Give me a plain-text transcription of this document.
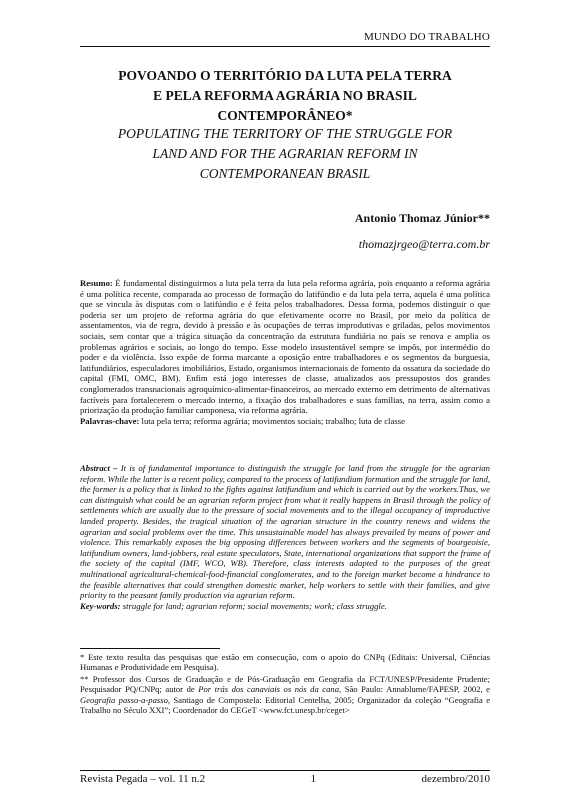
MUNDO DO TRABALHO
POVOANDO O TERRITÓRIO DA LUTA PELA TERRA
E PELA REFORMA AGRÁRIA NO BRASIL
CONTEMPORÂNEO*
POPULATING THE TERRITORY OF THE STRUGGLE FOR
LAND AND FOR THE AGRARIAN REFORM IN
CONTEMPORANEAN BRASIL
Antonio Thomaz Júnior**
thomazjrgeo@terra.com.br
Resumo: É fundamental distinguirmos a luta pela terra da luta pela reforma agrária, pois enquanto a reforma agrária é uma política recente, comparada ao processo de formação do latifúndio e da luta pela terra, aquela é uma política que se vincula às disputas com o latifúndio e é feita pelos trabalhadores. Dessa forma, podemos distinguir o que poderia ser um projeto de reforma agrária do que efetivamente ocorre no Brasil, por meio da política de assentamentos, via de regra, devido à pressão e às ocupações de terras improdutivas e griladas, pelos movimentos sociais, sem contar que a trágica situação da concentração da estrutura fundiária no país se renova e amplia os problemas agrários e sociais, ao longo do tempo. Esse modelo insustentável sempre se impôs, por intermédio do poder e da violência. Isso expõe de forma marcante a oposição entre trabalhadores e os segmentos da burguesia, latifundiários, especuladores imobiliários, Estado, organismos internacionais de fomento da ossatura da sociedade do capital (FMI, OMC, BM). Enfim está jogo interesses de classe, atualizados aos pressupostos dos grandes conglomerados transnacionais agroquímico-alimentar-financeiros, ao mercado externo em detrimento de alternativas factíveis para fortalecerem o mercado interno, a fixação dos trabalhadores e suas famílias, na terra, assim como a priorização da produção familiar camponesa, via reforma agrária.
Palavras-chave: luta pela terra; reforma agrária; movimentos sociais; trabalho; luta de classe
Abstract – It is of fundamental importance to distinguish the struggle for land from the struggle for the agrarian reform. While the latter is a recent policy, compared to the process of latifundium formation and the struggle for land, the former is a policy that is linked to the fights against latifundium and which is carried out by the workers.Thus, we can distinguish what could be an agrarian reform project from what it really happens in Brasil through the policy of settlements which are usually due to the pressure of social movements and to the illegal occupancy of improductive landed property. Besides, the tragical situation of the agrarian structure in the country renews and widens the agrarian and social problems over the time. This unsustainable model has always prevailed by means of power and violence. This remarkably exposes the big opposing differences between workers and the segments of bourgeoisie, latifundium owners, land-jobbers, real estate speculators, State, international organizations that support the frame of the society of the capital (IMF, WCO, WB). Therefore, class interests adapted to the purposes of the great multinational agricultural-chemical-food-financial conglomerates, and to the foreign market become a hindrance to the feasible alternatives that could strengthen domestic market, help workers to settle with their families, and give priority to the peasant family production via agrarian reform.
Key-words: struggle for land; agrarian reform; social movements; work; class struggle.

* Este texto resulta das pesquisas que estão em consecução, com o apoio do CNPq (Editais: Universal, Ciências Humanas e Produtividade em Pesquisa).

** Professor dos Cursos de Graduação e de Pós-Graduação em Geografia da FCT/UNESP/Presidente Prudente; Pesquisador PQ/CNPq; autor de Por trás dos canaviais os nós da cana, São Paulo: Annablume/FAPESP, 2002, e Geografia passo-a-passo, Santiago de Compostela: Editorial Centelha, 2005; Organizador da coleção “Geografia e Trabalho no Século XXI”; Coordenador do CEGeT <www.fct.unesp.br/ceget>

Revista Pegada – vol. 11 n.2	1	dezembro/2010
